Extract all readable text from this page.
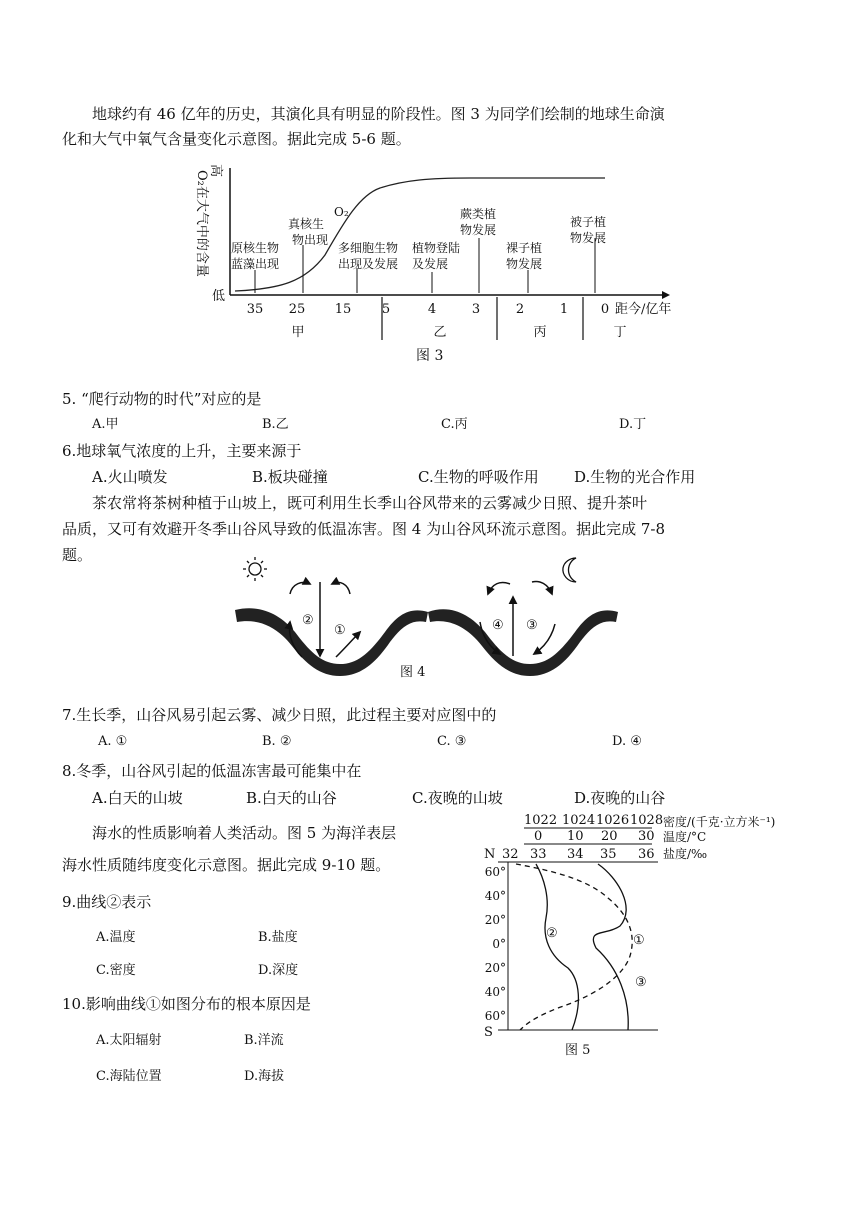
地球约有 46 亿年的历史，其演化具有明显的阶段性。图 3 为同学们绘制的地球生命演
化和大气中氧气含量变化示意图。据此完成 5-6 题。
高
O₂在大气中的含量
低
O₂
35 25 15 5	4	3	2	1	0 距今/亿年
甲	乙	丙	丁
原核生物
蓝藻出现
真核生
物出现
多细胞生物
出现及发展
植物登陆
及发展
蕨类植
物发展
裸子植
物发展
被子植
物发展
图 3
5. “爬行动物的时代”对应的是
A.甲	B.乙	C.丙	D.丁
6.地球氧气浓度的上升，主要来源于
A.火山喷发	B.板块碰撞	C.生物的呼吸作用 D.生物的光合作用
茶农常将茶树种植于山坡上，既可利用生长季山谷风带来的云雾减少日照、提升茶叶
品质，又可有效避开冬季山谷风导致的低温冻害。图 4 为山谷风环流示意图。据此完成 7-8
题。
②
①	④ ③
图 4
7.生长季，山谷风易引起云雾、减少日照，此过程主要对应图中的
A. ①	B. ②	C. ③	D. ④
8.冬季，山谷风引起的低温冻害最可能集中在
A.白天的山坡	B.白天的山谷	C.夜晚的山坡	D.夜晚的山谷
海水的性质影响着人类活动。图 5 为海洋表层
海水性质随纬度变化示意图。据此完成 9-10 题。
9.曲线②表示
A.温度	B.盐度
C.密度	D.深度
10.影响曲线①如图分布的根本原因是
A.太阳辐射	B.洋流
C.海陆位置	D.海拔
1022 1024 1026 1028 密度/(千克·立方米⁻¹)
0 10 20 30 温度/°C
N 32 33 34 35 36 盐度/‰
60°
40°
20°
0°
20°
40°
60°
S
②	①
③
图 5
